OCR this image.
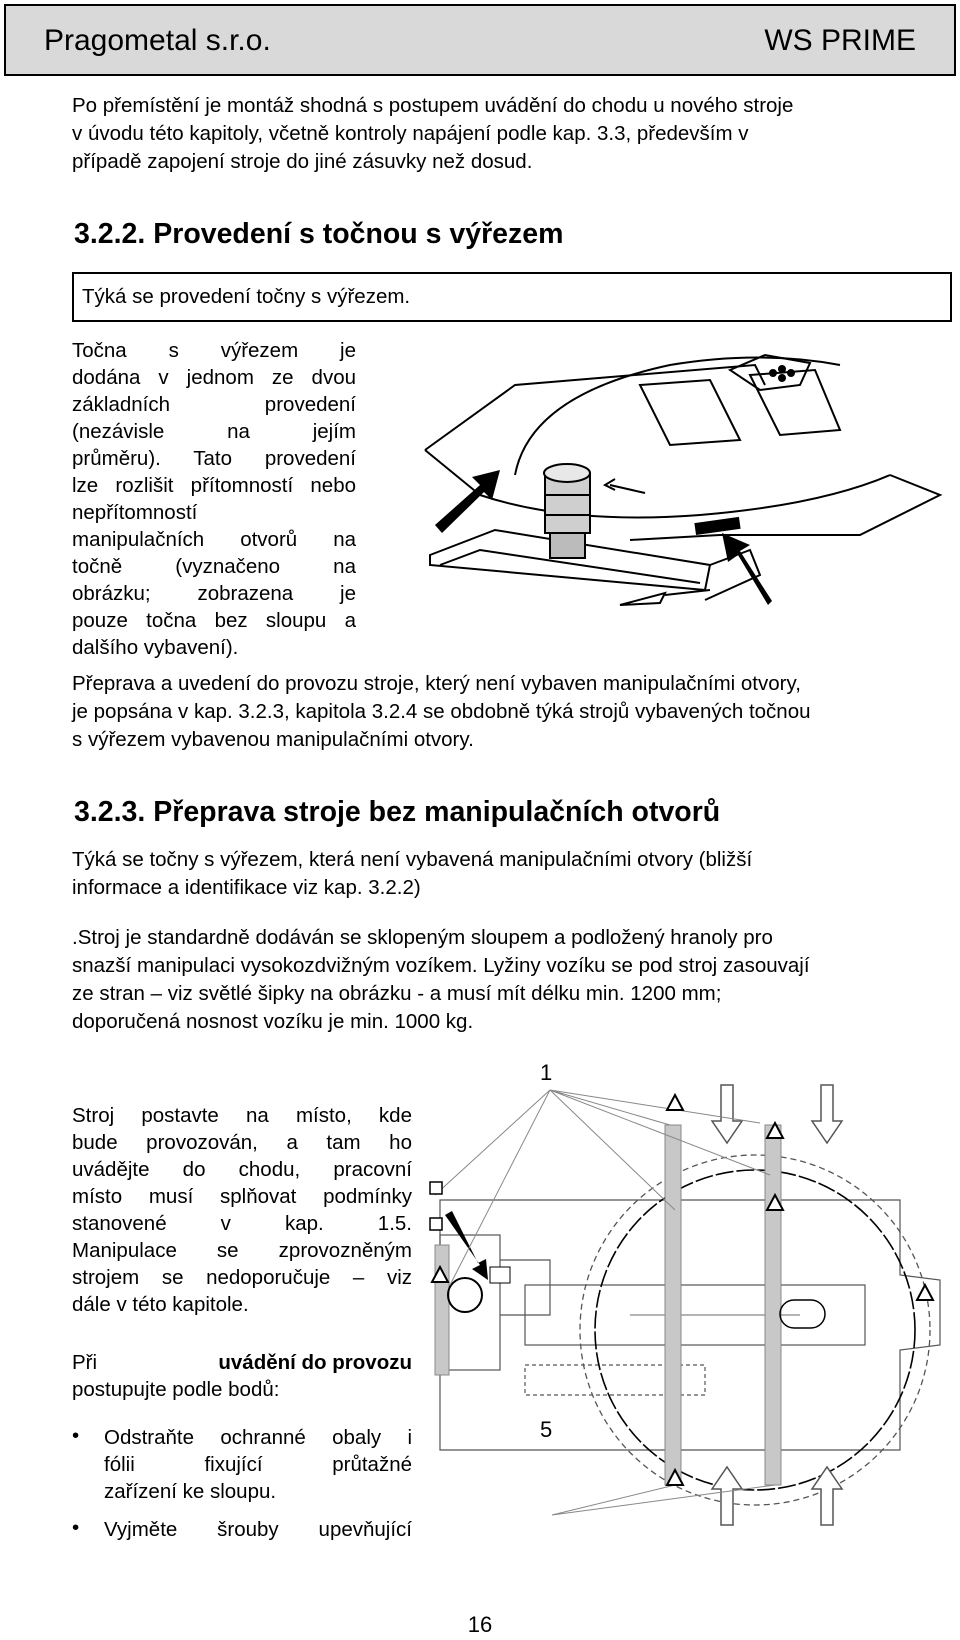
Pragometal s.r.o.	WS PRIME
Po přemístění je montáž shodná s postupem uvádění do chodu u nového stroje
v úvodu této kapitoly, včetně kontroly napájení podle kap. 3.3, především v
případě zapojení stroje do jiné zásuvky než dosud.
3.2.2. Provedení s točnou s výřezem
Týká se provedení točny s výřezem.
Točna s výřezem je
dodána v jednom ze dvou
základních provedení
(nezávisle na jejím
průměru). Tato provedení
lze rozlišit přítomností nebo
nepřítomností
manipulačních otvorů na
točně (vyznačeno na
obrázku; zobrazena je
pouze točna bez sloupu a
dalšího vybavení).
Přeprava a uvedení do provozu stroje, který není vybaven manipulačními otvory,
je popsána v kap. 3.2.3, kapitola 3.2.4 se obdobně týká strojů vybavených točnou
s výřezem vybavenou manipulačními otvory.
3.2.3. Přeprava stroje bez manipulačních otvorů
Týká se točny s výřezem, která není vybavená manipulačními otvory (bližší
informace a identifikace viz kap. 3.2.2)
.Stroj je standardně dodáván se sklopeným sloupem a podložený hranoly pro
snazší manipulaci vysokozdvižným vozíkem. Lyžiny vozíku se pod stroj zasouvají
ze stran – viz světlé šipky na obrázku - a musí mít délku min. 1200 mm;
doporučená nosnost vozíku je min. 1000 kg.
Stroj postavte na místo, kde
bude provozován, a tam ho
uvádějte do chodu, pracovní
místo musí splňovat podmínky
stanovené v kap. 1.5.
Manipulace se zprovozněným
strojem se nedoporučuje – viz
dále v této kapitole.
Při	uvádění do provozu
postupujte podle bodů:
• Odstraňte ochranné obaly i
fólii fixující průtažné
zařízení ke sloupu.
• Vyjměte šrouby upevňující
1
5
16
